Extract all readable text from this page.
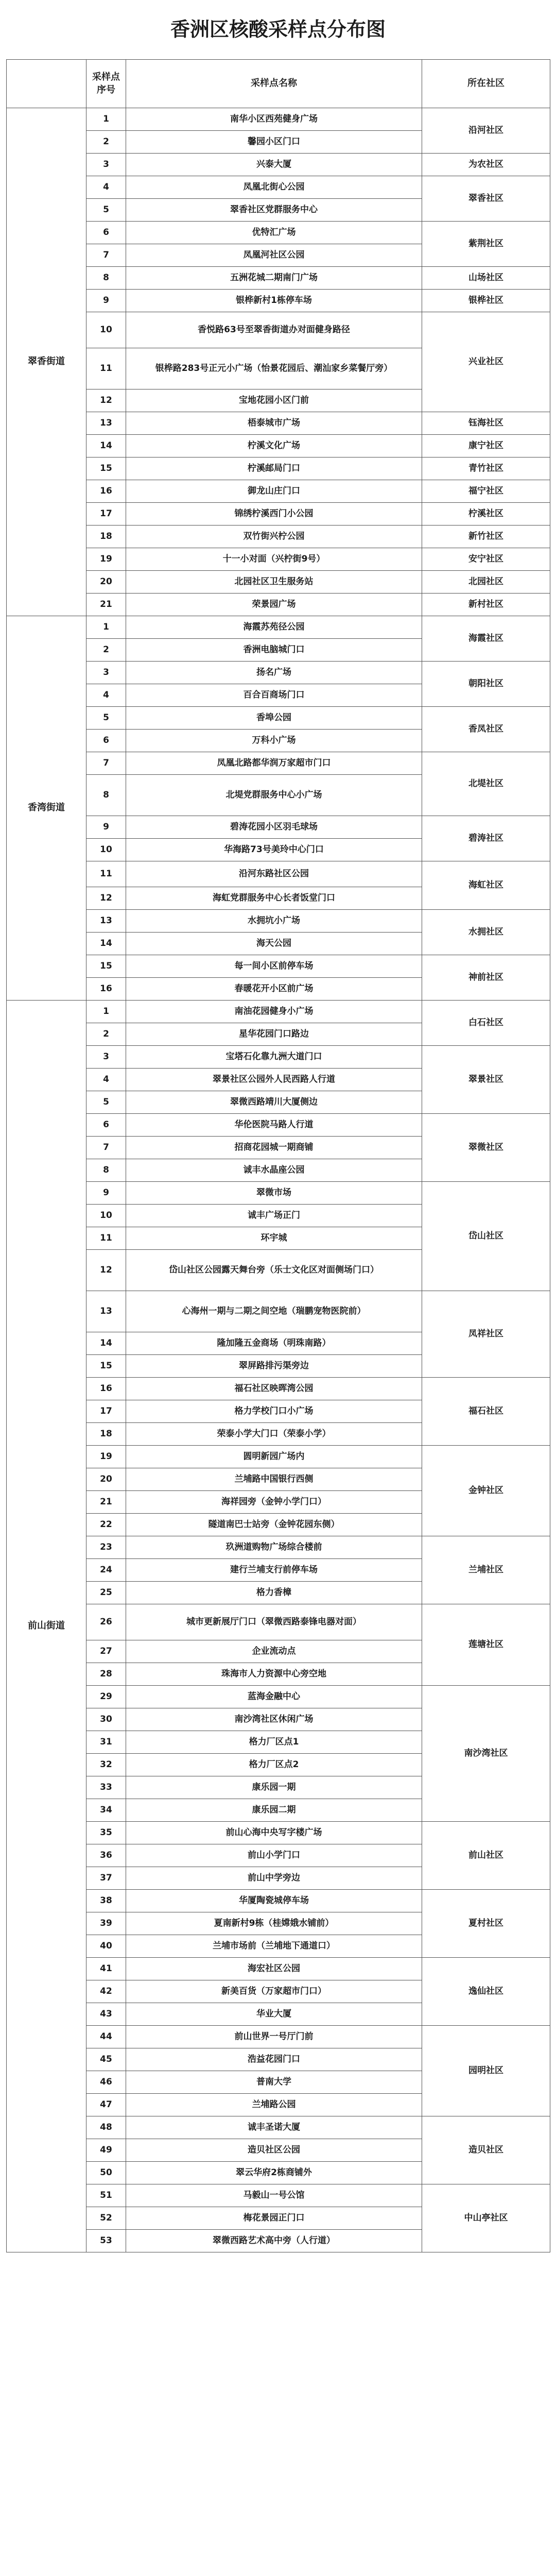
香洲区核酸采样点分布图
	采样点序号	采样点名称	所在社区
翠香街道	1	南华小区西苑健身广场	沿河社区
	2	馨园小区门口	
	3	兴泰大厦	为农社区
	4	凤凰北街心公园	翠香社区
	5	翠香社区党群服务中心	
	6	优特汇广场	紫荆社区
	7	凤凰河社区公园	
	8	五洲花城二期南门广场	山场社区
	9	银桦新村1栋停车场	银桦社区
	10	香悦路63号至翠香街道办对面健身路径	兴业社区
	11	银桦路283号正元小广场（怡景花园后、潮汕家乡菜餐厅旁）	
	12	宝地花园小区门前	
	13	梧泰城市广场	钰海社区
	14	柠溪文化广场	康宁社区
	15	柠溪邮局门口	青竹社区
	16	御龙山庄门口	福宁社区
	17	锦绣柠溪西门小公园	柠溪社区
	18	双竹街兴柠公园	新竹社区
	19	十一小对面（兴柠街9号）	安宁社区
	20	北园社区卫生服务站	北园社区
	21	荣景园广场	新村社区
香湾街道	1	海霞苏苑径公园	海霞社区
	2	香洲电脑城门口	
	3	扬名广场	朝阳社区
	4	百合百商场门口	
	5	香埠公园	香凤社区
	6	万科小广场	
	7	凤凰北路都华润万家超市门口	北堤社区
	8	北堤党群服务中心小广场	
	9	碧涛花园小区羽毛球场	碧涛社区
	10	华海路73号美玲中心门口	
	11	沿河东路社区公园	海虹社区
	12	海虹党群服务中心长者饭堂门口	
	13	水拥坑小广场	水拥社区
	14	海天公园	
	15	每一间小区前停车场	神前社区
	16	春暖花开小区前广场	
前山街道	1	南油花园健身小广场	白石社区
	2	星华花园门口路边	
	3	宝塔石化靠九洲大道门口	翠景社区
	4	翠景社区公园外人民西路人行道	
	5	翠微西路靖川大厦侧边	
	6	华伦医院马路人行道	翠微社区
	7	招商花园城一期商铺	
	8	诚丰水晶座公园	
	9	翠微市场	岱山社区
	10	诚丰广场正门	
	11	环宇城	
	12	岱山社区公园露天舞台旁（乐士文化区对面侧场门口）	
	13	心海州一期与二期之间空地（瑞鹏宠物医院前）	凤祥社区
	14	隆加隆五金商场（明珠南路）	
	15	翠屏路排污渠旁边	
	16	福石社区映晖湾公园	福石社区
	17	格力学校门口小广场	
	18	荣泰小学大门口（荣泰小学）	
	19	圆明新园广场内	金钟社区
	20	兰埔路中国银行西侧	
	21	海祥园旁（金钟小学门口）	
	22	隧道南巴士站旁（金钟花园东侧）	
	23	玖洲道购物广场综合楼前	兰埔社区
	24	建行兰埔支行前停车场	
	25	格力香樟	
	26	城市更新展厅门口（翠微西路泰锋电器对面）	莲塘社区
	27	企业流动点	
	28	珠海市人力资源中心旁空地	
	29	蓝海金融中心	南沙湾社区
	30	南沙湾社区休闲广场	
	31	格力厂区点1	
	32	格力厂区点2	
	33	康乐园一期	
	34	康乐园二期	
	35	前山心海中央写字楼广场	前山社区
	36	前山小学门口	
	37	前山中学旁边	
	38	华厦陶瓷城停车场	夏村社区
	39	夏南新村9栋（桂嫦娥水铺前）	
	40	兰埔市场前（兰埔地下通道口）	
	41	海宏社区公园	逸仙社区
	42	新美百货（万家超市门口）	
	43	华业大厦	
	44	前山世界一号厅门前	园明社区
	45	浩益花园门口	
	46	普南大学	
	47	兰埔路公园	
	48	诚丰圣诺大厦	造贝社区
	49	造贝社区公园	
	50	翠云华府2栋商铺外	
	51	马毅山一号公馆	中山亭社区
	52	梅花景园正门口	
	53	翠微西路艺术高中旁（人行道）	
